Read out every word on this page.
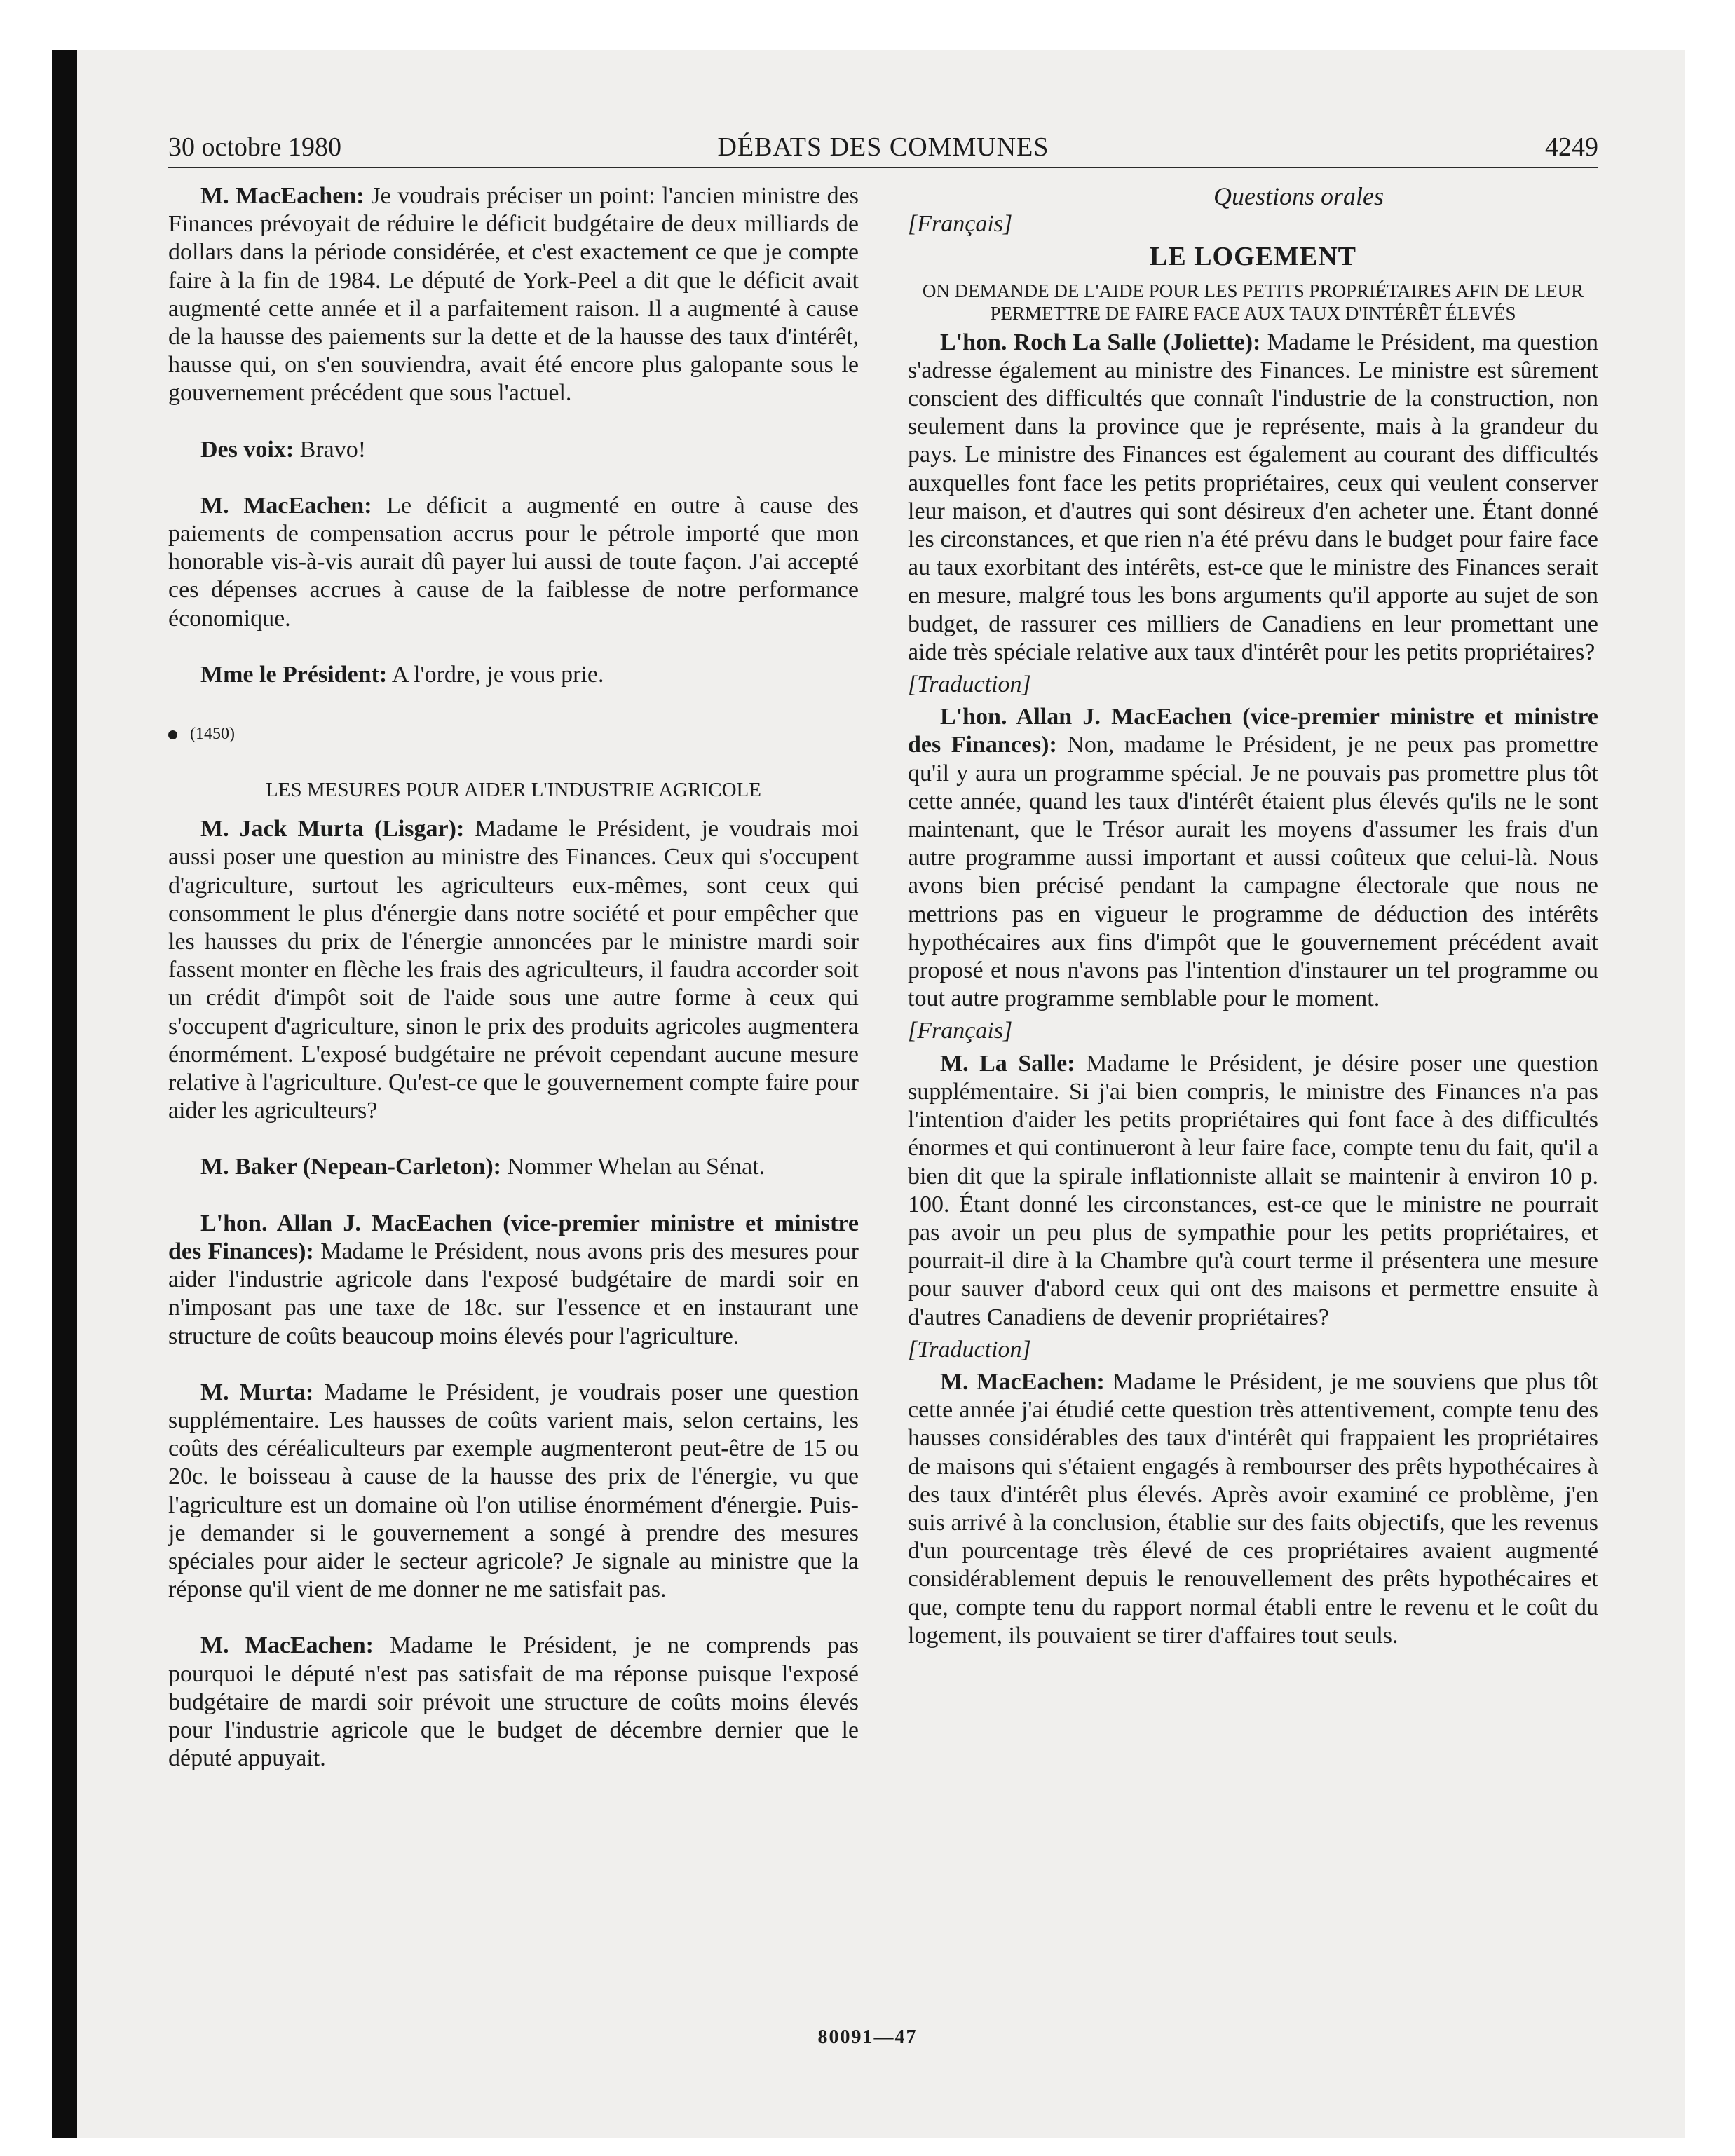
30 octobre 1980	DÉBATS DES COMMUNES	4249

M. MacEachen: Je voudrais préciser un point: l'ancien ministre des Finances prévoyait de réduire le déficit budgétaire de deux milliards de dollars dans la période considérée, et c'est exactement ce que je compte faire à la fin de 1984. Le député de York-Peel a dit que le déficit avait augmenté cette année et il a parfaitement raison. Il a augmenté à cause de la hausse des paiements sur la dette et de la hausse des taux d'intérêt, hausse qui, on s'en souviendra, avait été encore plus galopante sous le gouvernement précédent que sous l'actuel.

Des voix: Bravo!

M. MacEachen: Le déficit a augmenté en outre à cause des paiements de compensation accrus pour le pétrole importé que mon honorable vis-à-vis aurait dû payer lui aussi de toute façon. J'ai accepté ces dépenses accrues à cause de la faiblesse de notre performance économique.

Mme le Président: A l'ordre, je vous prie.

(1450)

LES MESURES POUR AIDER L'INDUSTRIE AGRICOLE

M. Jack Murta (Lisgar): Madame le Président, je voudrais moi aussi poser une question au ministre des Finances. Ceux qui s'occupent d'agriculture, surtout les agriculteurs eux-mêmes, sont ceux qui consomment le plus d'énergie dans notre société et pour empêcher que les hausses du prix de l'énergie annoncées par le ministre mardi soir fassent monter en flèche les frais des agriculteurs, il faudra accorder soit un crédit d'impôt soit de l'aide sous une autre forme à ceux qui s'occupent d'agriculture, sinon le prix des produits agricoles augmentera énormément. L'exposé budgétaire ne prévoit cependant aucune mesure relative à l'agriculture. Qu'est-ce que le gouvernement compte faire pour aider les agriculteurs?

M. Baker (Nepean-Carleton): Nommer Whelan au Sénat.

L'hon. Allan J. MacEachen (vice-premier ministre et ministre des Finances): Madame le Président, nous avons pris des mesures pour aider l'industrie agricole dans l'exposé budgétaire de mardi soir en n'imposant pas une taxe de 18c. sur l'essence et en instaurant une structure de coûts beaucoup moins élevés pour l'agriculture.

M. Murta: Madame le Président, je voudrais poser une question supplémentaire. Les hausses de coûts varient mais, selon certains, les coûts des céréaliculteurs par exemple augmenteront peut-être de 15 ou 20c. le boisseau à cause de la hausse des prix de l'énergie, vu que l'agriculture est un domaine où l'on utilise énormément d'énergie. Puis-je demander si le gouvernement a songé à prendre des mesures spéciales pour aider le secteur agricole? Je signale au ministre que la réponse qu'il vient de me donner ne me satisfait pas.

M. MacEachen: Madame le Président, je ne comprends pas pourquoi le député n'est pas satisfait de ma réponse puisque l'exposé budgétaire de mardi soir prévoit une structure de coûts moins élevés pour l'industrie agricole que le budget de décembre dernier que le député appuyait.

Questions orales

[Français]

LE LOGEMENT

ON DEMANDE DE L'AIDE POUR LES PETITS PROPRIÉTAIRES AFIN DE LEUR PERMETTRE DE FAIRE FACE AUX TAUX D'INTÉRÊT ÉLEVÉS

L'hon. Roch La Salle (Joliette): Madame le Président, ma question s'adresse également au ministre des Finances. Le ministre est sûrement conscient des difficultés que connaît l'industrie de la construction, non seulement dans la province que je représente, mais à la grandeur du pays. Le ministre des Finances est également au courant des difficultés auxquelles font face les petits propriétaires, ceux qui veulent conserver leur maison, et d'autres qui sont désireux d'en acheter une. Étant donné les circonstances, et que rien n'a été prévu dans le budget pour faire face au taux exorbitant des intérêts, est-ce que le ministre des Finances serait en mesure, malgré tous les bons arguments qu'il apporte au sujet de son budget, de rassurer ces milliers de Canadiens en leur promettant une aide très spéciale relative aux taux d'intérêt pour les petits propriétaires?

[Traduction]

L'hon. Allan J. MacEachen (vice-premier ministre et ministre des Finances): Non, madame le Président, je ne peux pas promettre qu'il y aura un programme spécial. Je ne pouvais pas promettre plus tôt cette année, quand les taux d'intérêt étaient plus élevés qu'ils ne le sont maintenant, que le Trésor aurait les moyens d'assumer les frais d'un autre programme aussi important et aussi coûteux que celui-là. Nous avons bien précisé pendant la campagne électorale que nous ne mettrions pas en vigueur le programme de déduction des intérêts hypothécaires aux fins d'impôt que le gouvernement précédent avait proposé et nous n'avons pas l'intention d'instaurer un tel programme ou tout autre programme semblable pour le moment.

[Français]

M. La Salle: Madame le Président, je désire poser une question supplémentaire. Si j'ai bien compris, le ministre des Finances n'a pas l'intention d'aider les petits propriétaires qui font face à des difficultés énormes et qui continueront à leur faire face, compte tenu du fait, qu'il a bien dit que la spirale inflationniste allait se maintenir à environ 10 p. 100. Étant donné les circonstances, est-ce que le ministre ne pourrait pas avoir un peu plus de sympathie pour les petits propriétaires, et pourrait-il dire à la Chambre qu'à court terme il présentera une mesure pour sauver d'abord ceux qui ont des maisons et permettre ensuite à d'autres Canadiens de devenir propriétaires?

[Traduction]

M. MacEachen: Madame le Président, je me souviens que plus tôt cette année j'ai étudié cette question très attentivement, compte tenu des hausses considérables des taux d'intérêt qui frappaient les propriétaires de maisons qui s'étaient engagés à rembourser des prêts hypothécaires à des taux d'intérêt plus élevés. Après avoir examiné ce problème, j'en suis arrivé à la conclusion, établie sur des faits objectifs, que les revenus d'un pourcentage très élevé de ces propriétaires avaient augmenté considérablement depuis le renouvellement des prêts hypothécaires et que, compte tenu du rapport normal établi entre le revenu et le coût du logement, ils pouvaient se tirer d'affaires tout seuls.

80091—47
